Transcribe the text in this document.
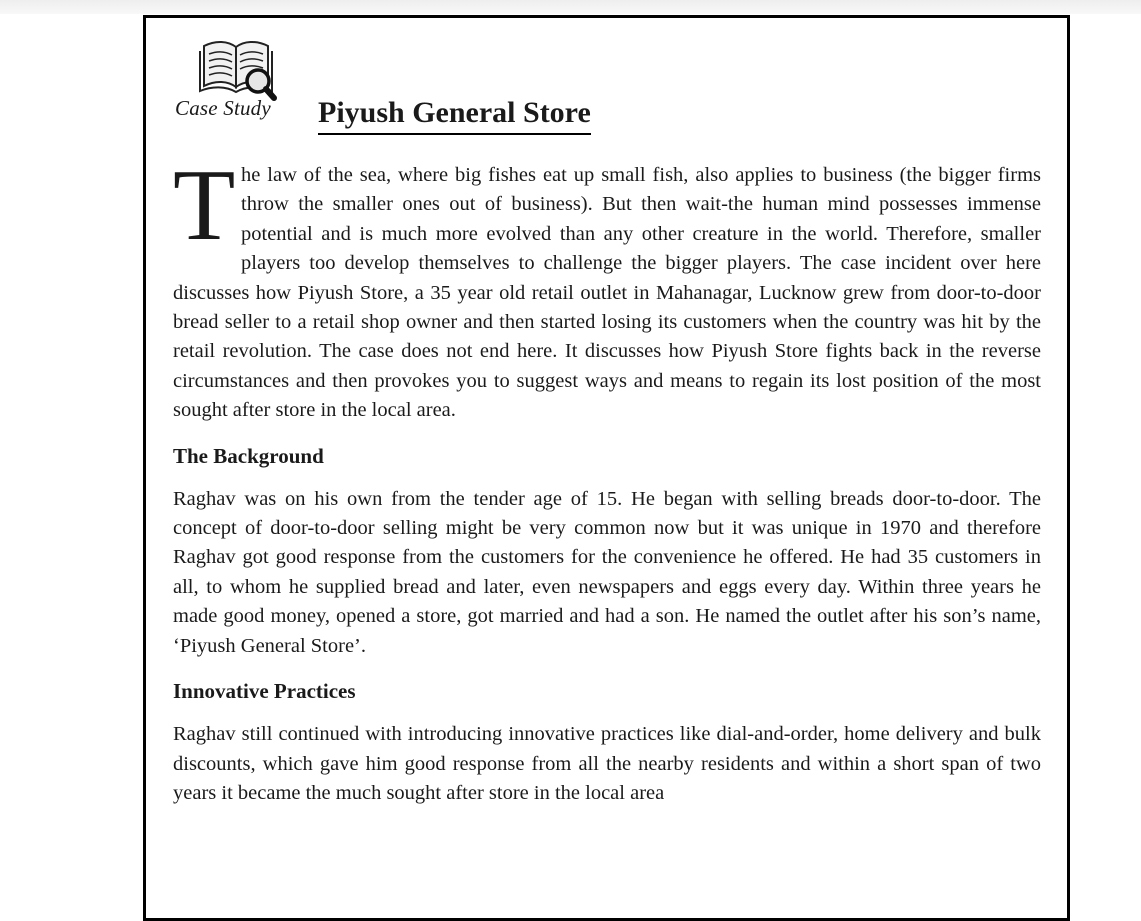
Case Study Piyush General Store

The law of the sea, where big fishes eat up small fish, also applies to business (the bigger firms throw the smaller ones out of business). But then wait-the human mind possesses immense potential and is much more evolved than any other creature in the world. Therefore, smaller players too develop themselves to challenge the bigger players. The case incident over here discusses how Piyush Store, a 35 year old retail outlet in Mahanagar, Lucknow grew from door-to-door bread seller to a retail shop owner and then started losing its customers when the country was hit by the retail revolution. The case does not end here. It discusses how Piyush Store fights back in the reverse circumstances and then provokes you to suggest ways and means to regain its lost position of the most sought after store in the local area.

The Background

Raghav was on his own from the tender age of 15. He began with selling breads door-to-door. The concept of door-to-door selling might be very common now but it was unique in 1970 and therefore Raghav got good response from the customers for the convenience he offered. He had 35 customers in all, to whom he supplied bread and later, even newspapers and eggs every day. Within three years he made good money, opened a store, got married and had a son. He named the outlet after his son’s name, ‘Piyush General Store’.

Innovative Practices

Raghav still continued with introducing innovative practices like dial-and-order, home delivery and bulk discounts, which gave him good response from all the nearby residents and within a short span of two years it became the much sought after store in the local area
